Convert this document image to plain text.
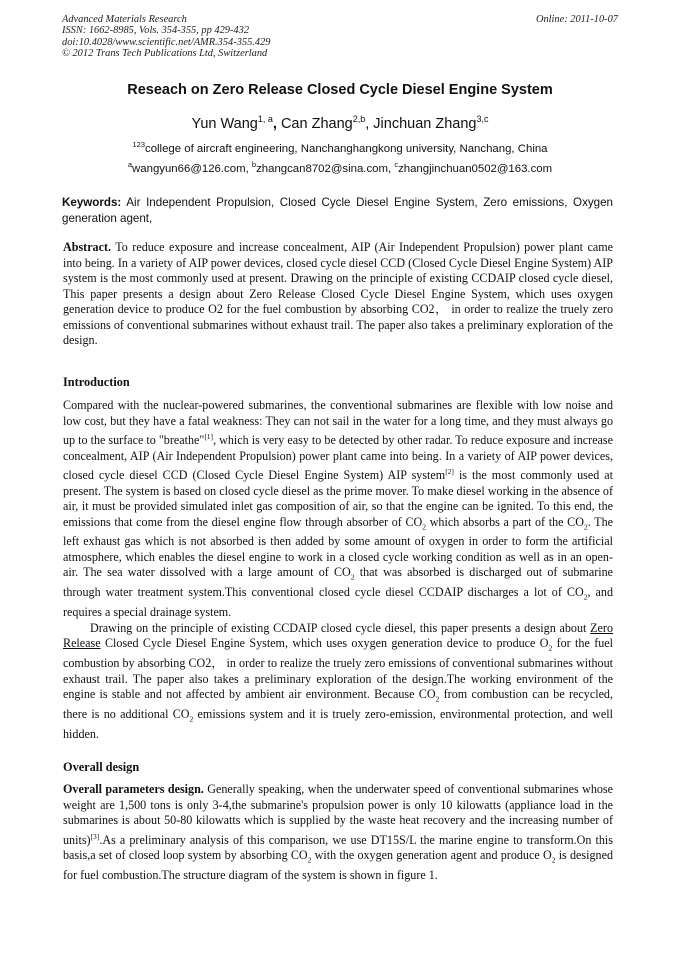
Advanced Materials Research
ISSN: 1662-8985, Vols. 354-355, pp 429-432
doi:10.4028/www.scientific.net/AMR.354-355.429
© 2012 Trans Tech Publications Ltd, Switzerland
Online: 2011-10-07
Reseach on Zero Release Closed Cycle Diesel Engine System
Yun Wang$^{1, a}$, Can Zhang$^{2,b}$, Jinchuan Zhang$^{3,c}$
$^{123}$college of aircraft engineering, Nanchanghangkong university, Nanchang, China
$^a$wangyun66@126.com, $^b$zhangcan8702@sina.com, $^c$zhangjinchuan0502@163.com
Keywords: Air Independent Propulsion, Closed Cycle Diesel Engine System, Zero emissions, Oxygen generation agent,
Abstract. To reduce exposure and increase concealment, AIP (Air Independent Propulsion) power plant came into being. In a variety of AIP power devices, closed cycle diesel CCD (Closed Cycle Diesel Engine System) AIP system is the most commonly used at present. Drawing on the principle of existing CCDAIP closed cycle diesel, This paper presents a design about Zero Release Closed Cycle Diesel Engine System, which uses oxygen generation device to produce O2 for the fuel combustion by absorbing CO2， in order to realize the truely zero emissions of conventional submarines without exhaust trail. The paper also takes a preliminary exploration of the design.
Introduction

Compared with the nuclear-powered submarines, the conventional submarines are flexible with low noise and low cost, but they have a fatal weakness: They can not sail in the water for a long time, and they must always go up to the surface to "breathe"[1], which is very easy to be detected by other radar. To reduce exposure and increase concealment, AIP (Air Independent Propulsion) power plant came into being. In a variety of AIP power devices, closed cycle diesel CCD (Closed Cycle Diesel Engine System) AIP system[2] is the most commonly used at present. The system is based on closed cycle diesel as the prime mover. To make diesel working in the absence of air, it must be provided simulated inlet gas composition of air, so that the engine can be ignited. To this end, the emissions that come from the diesel engine flow through absorber of $CO_2$ which absorbs a part of the $CO_2$. The left exhaust gas which is not absorbed is then added by some amount of oxygen in order to form the artificial atmosphere, which enables the diesel engine to work in a closed cycle working condition as well as in an open-air. The sea water dissolved with a large amount of $CO_2$ that was absorbed is discharged out of submarine through water treatment system.This conventional closed cycle diesel CCDAIP discharges a lot of $CO_2$, and requires a special drainage system.

Drawing on the principle of existing CCDAIP closed cycle diesel, this paper presents a design about Zero Release Closed Cycle Diesel Engine System, which uses oxygen generation device to produce $O_2$ for the fuel combustion by absorbing CO2， in order to realize the truely zero emissions of conventional submarines without exhaust trail. The paper also takes a preliminary exploration of the design.The working environment of the engine is stable and not affected by ambient air environment. Because $CO_2$ from combustion can be recycled, there is no additional $CO_2$ emissions system and it is truely zero-emission, environmental protection, and well hidden.

Overall design

Overall parameters design. Generally speaking, when the underwater speed of conventional submarines whose weight are 1,500 tons is only 3-4,the submarine's propulsion power is only 10 kilowatts (appliance load in the submarines is about 50-80 kilowatts which is supplied by the waste heat recovery and the increasing number of units)[3].As a preliminary analysis of this comparison, we use DT15S/L the marine engine to transform.On this basis,a set of closed loop system by absorbing $CO_2$ with the oxygen generation agent and produce $O_2$ is designed for fuel combustion.The structure diagram of the system is shown in figure 1.
